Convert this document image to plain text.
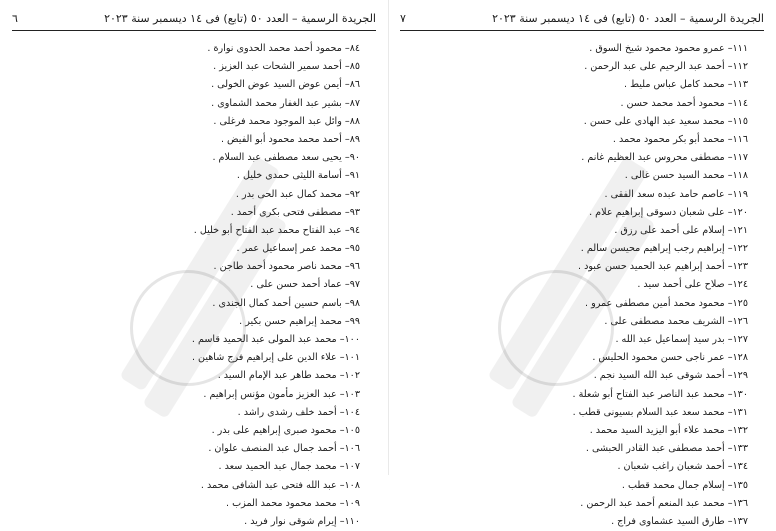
الجريدة الرسمية – العدد ٥٠ (تابع) فى ١٤ ديسمبر سنة ٢٠٢٣
٦
٨٤– محمود أحمد محمد الحدوى نوارة .
٨٥– أحمد سمير الشحات عبد العزيز .
٨٦– أيمن عوض السيد عوض الخولى .
٨٧– بشير عبد الغفار محمد الشماوى .
٨٨– وائل عبد الموجود محمد فرغلى .
٨٩– أحمد محمد محمود أبو الفيض .
٩٠– يحيى سعد مصطفى عبد السلام .
٩١– أسامة الليثى حمدى خليل .
٩٢– محمد كمال عبد الحى بدر .
٩٣– مصطفى فتحى بكرى أحمد .
٩٤– عبد الفتاح محمد عبد الفتاح أبو خليل .
٩٥– محمد عمر إسماعيل عمر .
٩٦– محمد ناصر محمود أحمد طاجن .
٩٧– عماد أحمد حسن على .
٩٨– باسم حسين أحمد كمال الجندى .
٩٩– محمد إبراهيم حسن بكير .
١٠٠– محمد عبد المولى عبد الحميد قاسم .
١٠١– علاء الدين على إبراهيم فرج شاهين .
١٠٢– محمد طاهر عبد الإمام السيد .
١٠٣– عبد العزيز مأمون مؤنس إبراهيم .
١٠٤– أحمد خلف رشدى راشد .
١٠٥– محمود صبرى إبراهيم على بدر .
١٠٦– أحمد جمال عبد المنصف علوان .
١٠٧– محمد جمال عبد الحميد سعد .
١٠٨– عبد الله فتحى عبد الشافى محمد .
١٠٩– محمد محمود محمد المزب .
١١٠– إيرام شوقى نوار فريد .
الجريدة الرسمية – العدد ٥٠ (تابع) فى ١٤ ديسمبر سنة ٢٠٢٣
٧
١١١– عمرو محمود محمود شيخ السوق .
١١٢– أحمد عبد الرحيم على عبد الرحمن .
١١٣– محمد كامل عباس مليط .
١١٤– محمود أحمد محمد حسن .
١١٥– محمد سعيد عبد الهادى على حسن .
١١٦– محمد أبو بكر محمود محمد .
١١٧– مصطفى محروس عبد العظيم غانم .
١١٨– محمد السيد حسن غالى .
١١٩– عاصم حامد عبده سعد الفقى .
١٢٠– على شعبان دسوقى إبراهيم علام .
١٢١– إسلام على أحمد على رزق .
١٢٢– إبراهيم رجب إبراهيم محيسن سالم .
١٢٣– أحمد إبراهيم عبد الحميد حسن عبود .
١٢٤– صلاح على أحمد سيد .
١٢٥– محمود محمد أمين مصطفى عمرو .
١٢٦– الشريف محمد مصطفى على .
١٢٧– بدر سيد إسماعيل عبد الله .
١٢٨– عمر ناجى حسن محمود الحليس .
١٢٩– أحمد شوقى عبد الله السيد نجم .
١٣٠– محمد عبد الناصر عبد الفتاح أبو شعلة .
١٣١– محمد سعد عبد السلام بسيونى قطب .
١٣٢– محمد علاء أبو اليزيد السيد محمد .
١٣٣– أحمد مصطفى عبد القادر الحبشى .
١٣٤– أحمد شعبان راغب شعبان .
١٣٥– إسلام جمال محمد قطب .
١٣٦– محمد عبد المنعم أحمد عبد الرحمن .
١٣٧– طارق السيد عشماوى فراج .
